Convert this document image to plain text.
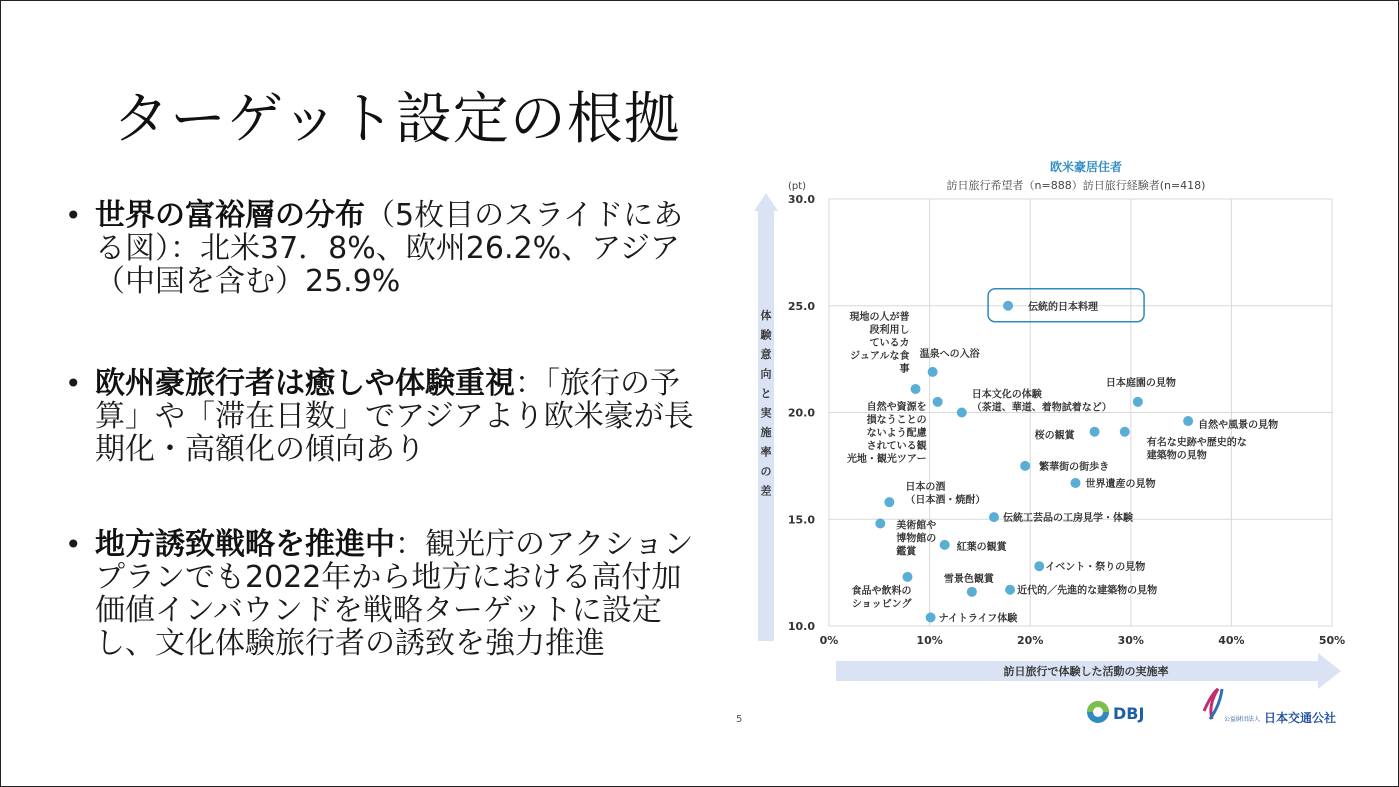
ターゲット設定の根拠
• 世界の富裕層の分布（5枚目のスライドにある図）：北米37．8%、欧州26.2%、アジア（中国を含む）25.9%
• 欧州豪旅行者は癒しや体験重視：「旅行の予算」や「滞在日数」でアジアより欧米豪が長期化・高額化の傾向あり
• 地方誘致戦略を推進中：観光庁のアクションプランでも2022年から地方における高付加価値インバウンドを戦略ターゲットに設定し、文化体験旅行者の誘致を強力推進
欧米豪居住者
訪日旅行希望者（n=888）訪日旅行経験者(n=418)
(pt)
体
験
意
向
と
実
施
率
の
差
訪日旅行で体験した活動の実施率
0%	10%	20%	30%	40%	50%
10.0
15.0
20.0
25.0
30.0
伝統的日本料理
温泉への入浴
現地の人が普段利用しているカジュアルな食事
自然や資源を損なうことのないよう配慮されている観光地・観光ツアー
日本文化の体験（茶道、華道、着物試着など）
日本庭園の見物
自然や風景の見物
桜の観賞
有名な史跡や歴史的な建築物の見物
繁華街の街歩き
世界遺産の見物
日本の酒（日本酒・焼酎）
伝統工芸品の工房見学・体験
美術館や博物館の鑑賞	紅葉の観賞
イベント・祭りの見物
食品や飲料のショッピング
雪景色観賞
近代的／先進的な建築物の見物
ナイトライフ体験
5	DBJ	公益財団法人 日本交通公社
